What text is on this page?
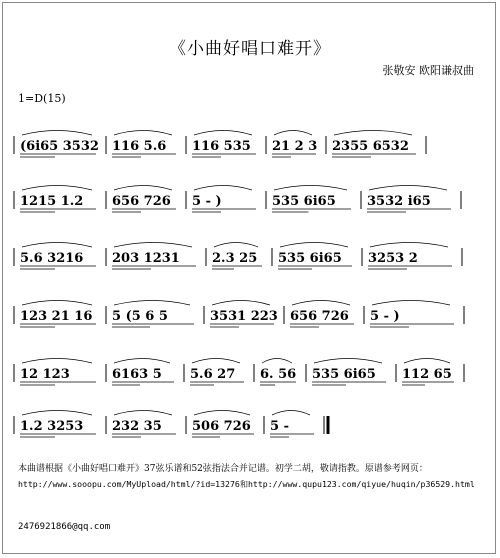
《小曲好唱口难开》
张敬安 欧阳谦叔曲
1=D(15)
(6i65 3532 116 5.6 116 535 21 2 3 2355 6532
1215 1.2 656 726 5 - )	535 6i65 3532 i65
5.6 3216 203 1231 2.3 25 535 6i65 3253 2
123 21 16 5 (5 6 5	3531 223 656 726 5 - )
12 123	6163 5 5.6 27 6. 56 535 6i65 112 65
1.2 3253 232 35 506 726 5 -
本曲谱根据《小曲好唱口难开》37弦乐谱和52弦指法合并记谱。初学二胡，敬请指教。原谱参考网页：
http://www.sooopu.com/MyUpload/html/?id=13276和http://www.qupu123.com/qiyue/huqin/p36529.html
2476921866@qq.com
